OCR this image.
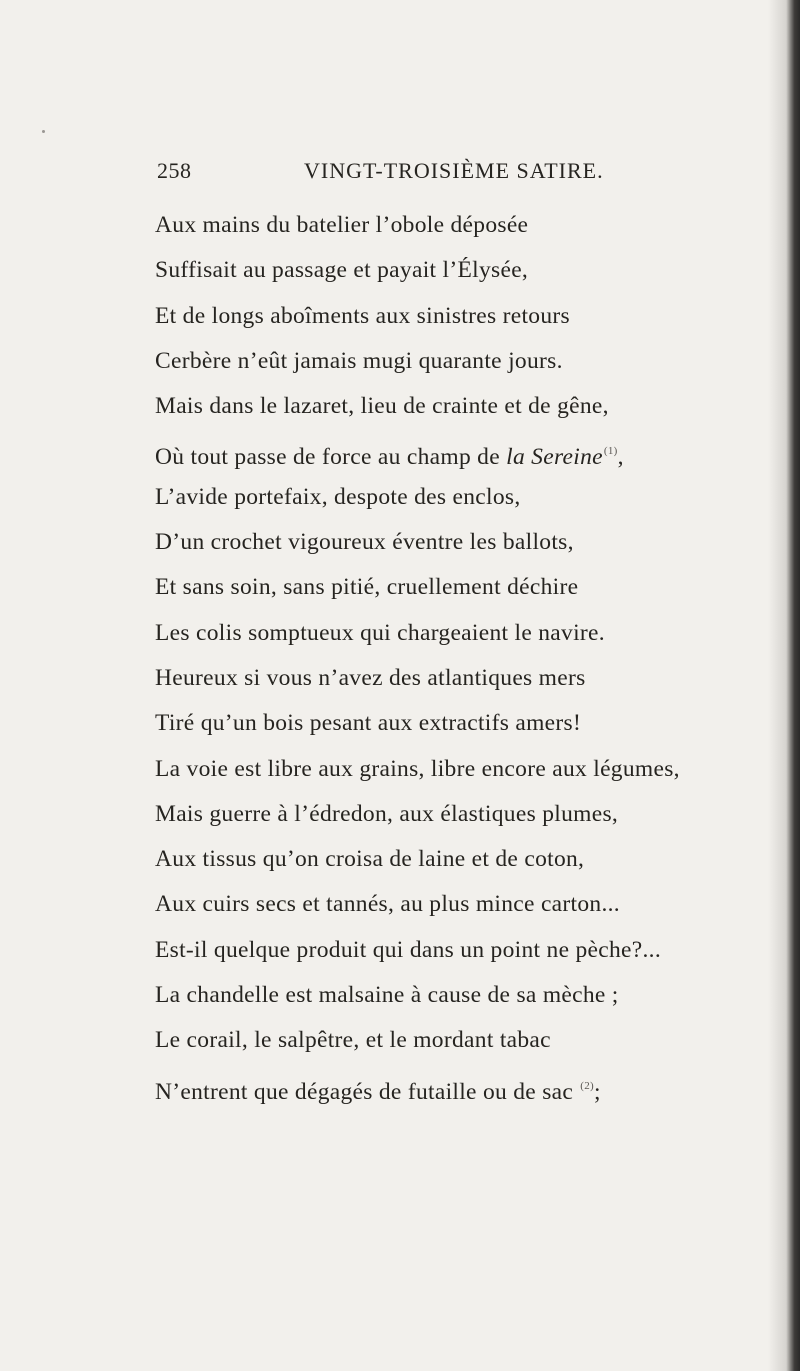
258	VINGT-TROISIÈME SATIRE.
Aux mains du batelier l’obole déposée
Suffisait au passage et payait l’Élysée,
Et de longs aboîments aux sinistres retours
Cerbère n’eût jamais mugi quarante jours.
Mais dans le lazaret, lieu de crainte et de gêne,
Où tout passe de force au champ de la Sereine$^{(1)}$,
L’avide portefaix, despote des enclos,
D’un crochet vigoureux éventre les ballots,
Et sans soin, sans pitié, cruellement déchire
Les colis somptueux qui chargeaient le navire.
Heureux si vous n’avez des atlantiques mers
Tiré qu’un bois pesant aux extractifs amers!
La voie est libre aux grains, libre encore aux légumes,
Mais guerre à l’édredon, aux élastiques plumes,
Aux tissus qu’on croisa de laine et de coton,
Aux cuirs secs et tannés, au plus mince carton...
Est-il quelque produit qui dans un point ne pèche?...
La chandelle est malsaine à cause de sa mèche ;
Le corail, le salpêtre, et le mordant tabac
N’entrent que dégagés de futaille ou de sac $^{(2)}$;
